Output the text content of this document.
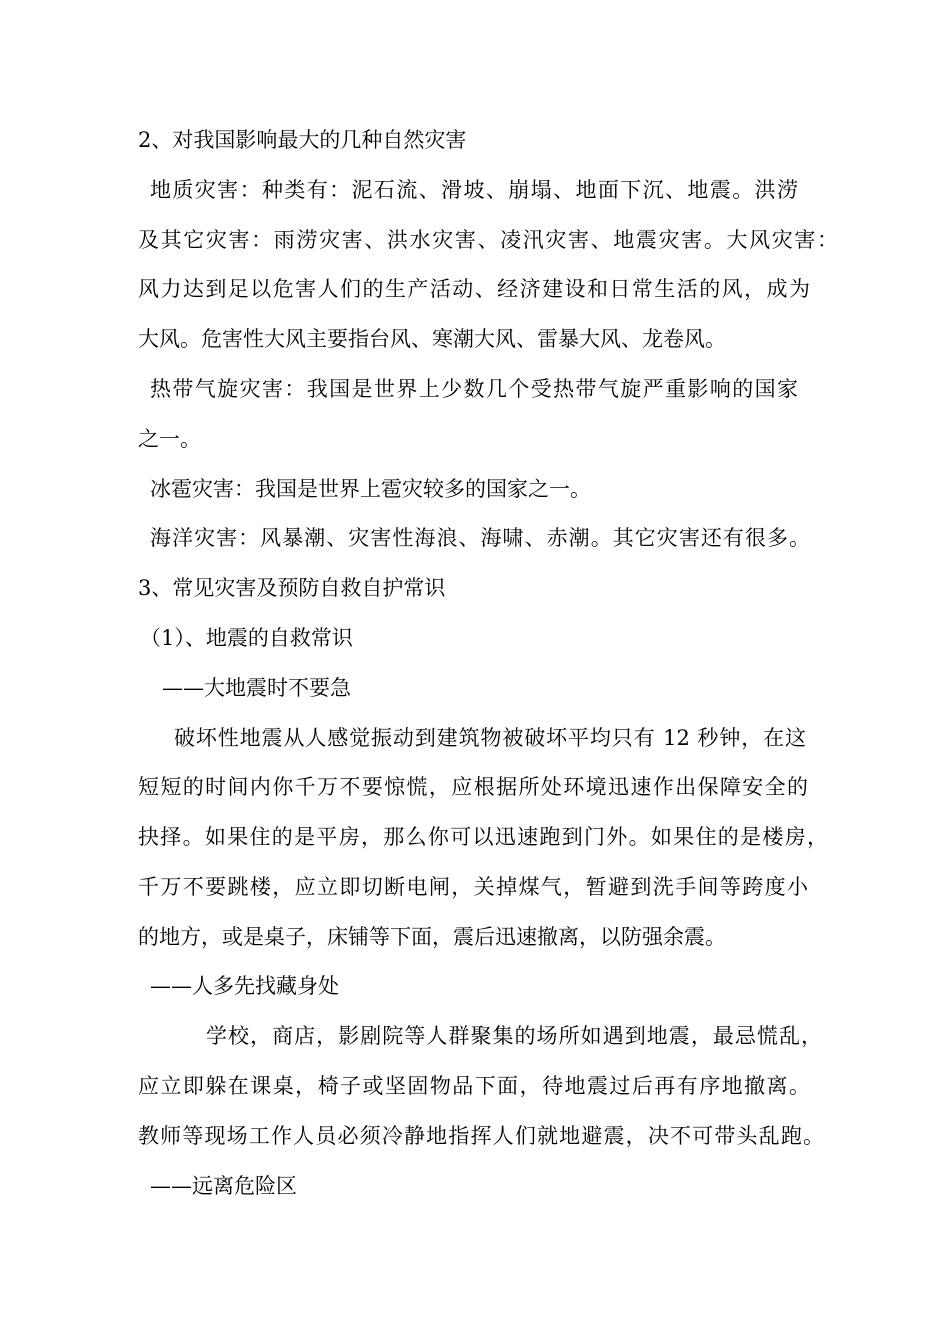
2、对我国影响最大的几种自然灾害
地质灾害：种类有：泥石流、滑坡、崩塌、地面下沉、地震。洪涝
及其它灾害：雨涝灾害、洪水灾害、凌汛灾害、地震灾害。大风灾害：
风力达到足以危害人们的生产活动、经济建设和日常生活的风，成为
大风。危害性大风主要指台风、寒潮大风、雷暴大风、龙卷风。
热带气旋灾害：我国是世界上少数几个受热带气旋严重影响的国家
之一。
冰雹灾害：我国是世界上雹灾较多的国家之一。
海洋灾害：风暴潮、灾害性海浪、海啸、赤潮。其它灾害还有很多。
3、常见灾害及预防自救自护常识
（1）、地震的自救常识
——大地震时不要急
破坏性地震从人感觉振动到建筑物被破坏平均只有 12 秒钟，在这
短短的时间内你千万不要惊慌，应根据所处环境迅速作出保障安全的
抉择。如果住的是平房，那么你可以迅速跑到门外。如果住的是楼房，
千万不要跳楼，应立即切断电闸，关掉煤气，暂避到洗手间等跨度小
的地方，或是桌子，床铺等下面，震后迅速撤离，以防强余震。
——人多先找藏身处
学校，商店，影剧院等人群聚集的场所如遇到地震，最忌慌乱，
应立即躲在课桌，椅子或坚固物品下面，待地震过后再有序地撤离。
教师等现场工作人员必须冷静地指挥人们就地避震，决不可带头乱跑。
——远离危险区
